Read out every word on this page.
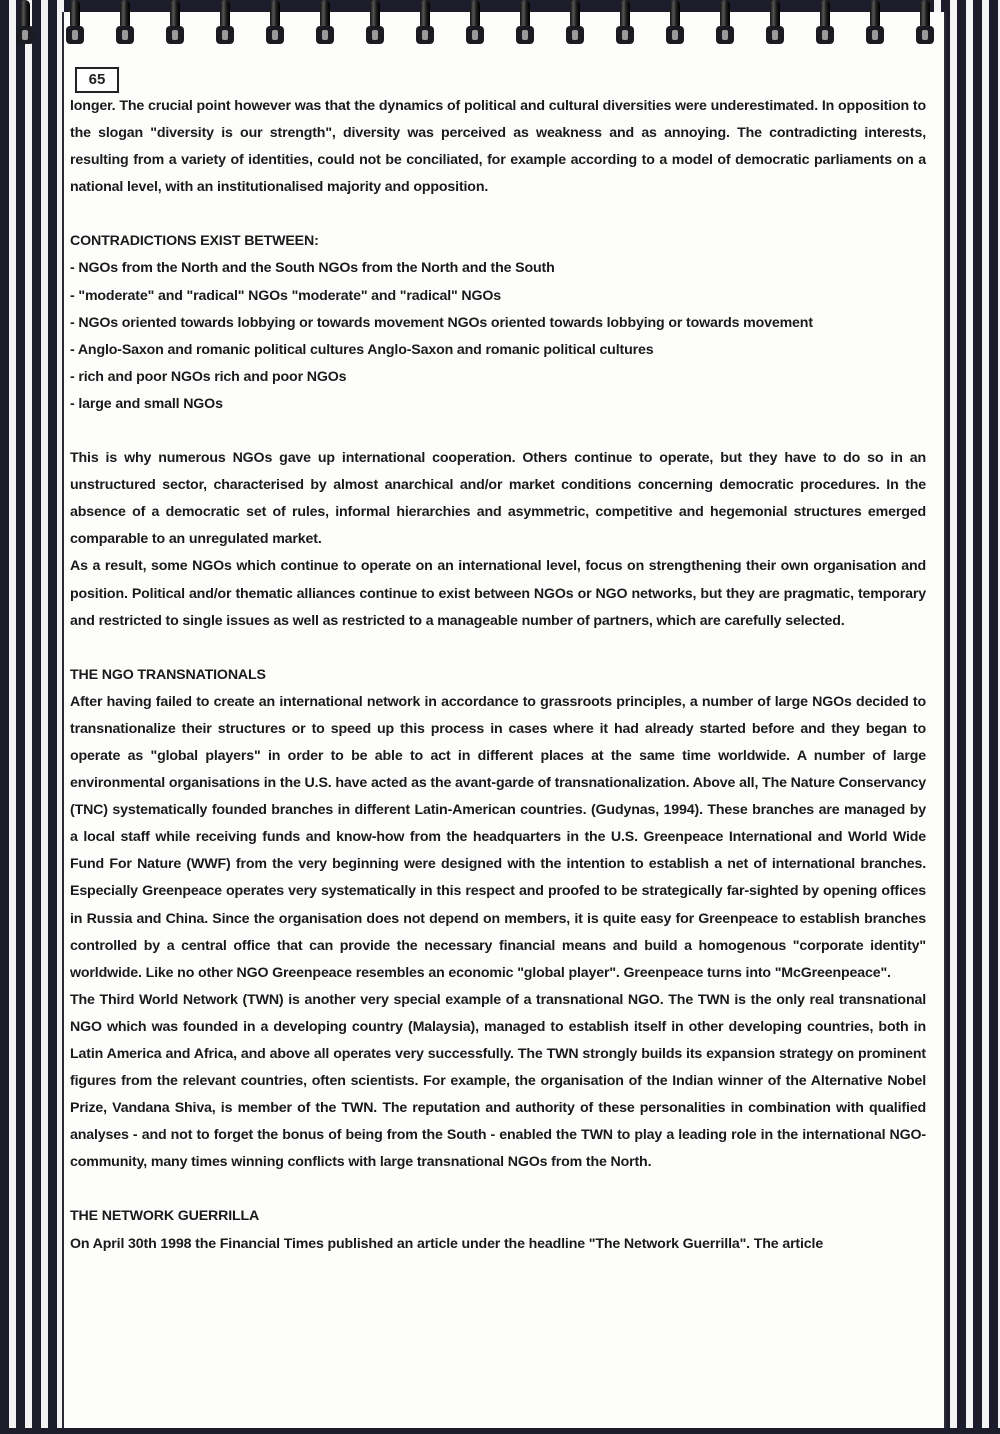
65

longer. The crucial point however was that the dynamics of political and cultural diversities were underestimated. In opposition to the slogan "diversity is our strength", diversity was perceived as weakness and as annoying. The contradicting interests, resulting from a variety of identities, could not be conciliated, for example according to a model of democratic parliaments on a national level, with an institutionalised majority and opposition.

CONTRADICTIONS EXIST BETWEEN:
- NGOs from the North and the South NGOs from the North and the South
- "moderate" and "radical" NGOs "moderate" and "radical" NGOs
- NGOs oriented towards lobbying or towards movement NGOs oriented towards lobbying or towards movement
- Anglo-Saxon and romanic political cultures Anglo-Saxon and romanic political cultures
- rich and poor NGOs rich and poor NGOs
- large and small NGOs

This is why numerous NGOs gave up international cooperation. Others continue to operate, but they have to do so in an unstructured sector, characterised by almost anarchical and/or market conditions concerning democratic procedures. In the absence of a democratic set of rules, informal hierarchies and asymmetric, competitive and hegemonial structures emerged comparable to an unregulated market.

As a result, some NGOs which continue to operate on an international level, focus on strengthening their own organisation and position. Political and/or thematic alliances continue to exist between NGOs or NGO networks, but they are pragmatic, temporary and restricted to single issues as well as restricted to a manageable number of partners, which are carefully selected.

THE NGO TRANSNATIONALS

After having failed to create an international network in accordance to grassroots principles, a number of large NGOs decided to transnationalize their structures or to speed up this process in cases where it had already started before and they began to operate as "global players" in order to be able to act in different places at the same time worldwide. A number of large environmental organisations in the U.S. have acted as the avant-garde of transnationalization. Above all, The Nature Conservancy (TNC) systematically founded branches in different Latin-American countries. (Gudynas, 1994). These branches are managed by a local staff while receiving funds and know-how from the headquarters in the U.S. Greenpeace International and World Wide Fund For Nature (WWF) from the very beginning were designed with the intention to establish a net of international branches. Especially Greenpeace operates very systematically in this respect and proofed to be strategically far-sighted by opening offices in Russia and China. Since the organisation does not depend on members, it is quite easy for Greenpeace to establish branches controlled by a central office that can provide the necessary financial means and build a homogenous "corporate identity" worldwide. Like no other NGO Greenpeace resembles an economic "global player". Greenpeace turns into "McGreenpeace".

The Third World Network (TWN) is another very special example of a transnational NGO. The TWN is the only real transnational NGO which was founded in a developing country (Malaysia), managed to establish itself in other developing countries, both in Latin America and Africa, and above all operates very successfully. The TWN strongly builds its expansion strategy on prominent figures from the relevant countries, often scientists. For example, the organisation of the Indian winner of the Alternative Nobel Prize, Vandana Shiva, is member of the TWN. The reputation and authority of these personalities in combination with qualified analyses - and not to forget the bonus of being from the South - enabled the TWN to play a leading role in the international NGO-community, many times winning conflicts with large transnational NGOs from the North.

THE NETWORK GUERRILLA

On April 30th 1998 the Financial Times published an article under the headline "The Network Guerrilla". The article
